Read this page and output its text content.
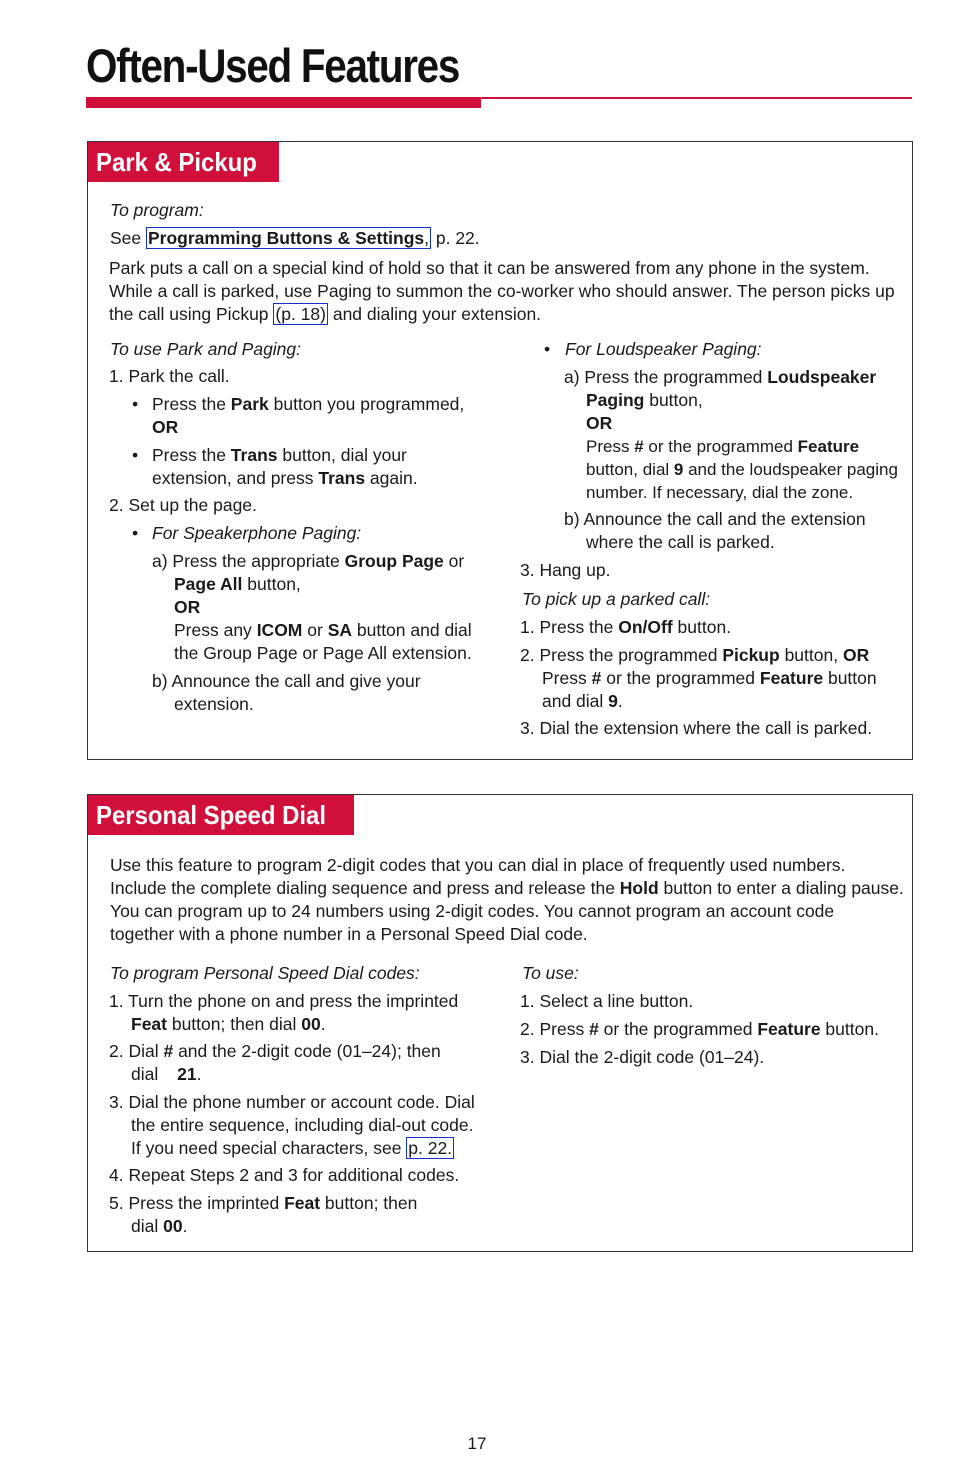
Often-Used Features
Park & Pickup
To program:
See Programming Buttons & Settings, p. 22.
Park puts a call on a special kind of hold so that it can be answered from any phone in the system.
While a call is parked, use Paging to summon the co-worker who should answer. The person picks up
the call using Pickup (p. 18) and dialing your extension.
To use Park and Paging:
1. Park the call.
• Press the Park button you programmed,
OR
• Press the Trans button, dial your
extension, and press Trans again.
2. Set up the page.
• For Speakerphone Paging:
a) Press the appropriate Group Page or
Page All button,
OR
Press any ICOM or SA button and dial
the Group Page or Page All extension.
b) Announce the call and give your
extension.
• For Loudspeaker Paging:
a) Press the programmed Loudspeaker
Paging button,
OR
Press # or the programmed Feature
button, dial 9 and the loudspeaker paging
number. If necessary, dial the zone.
b) Announce the call and the extension
where the call is parked.
3. Hang up.
To pick up a parked call:
1. Press the On/Off button.
2. Press the programmed Pickup button, OR
Press # or the programmed Feature button
and dial 9.
3. Dial the extension where the call is parked.
Personal Speed Dial
Use this feature to program 2-digit codes that you can dial in place of frequently used numbers.
Include the complete dialing sequence and press and release the Hold button to enter a dialing pause.
You can program up to 24 numbers using 2-digit codes. You cannot program an account code
together with a phone number in a Personal Speed Dial code.
To program Personal Speed Dial codes:
1. Turn the phone on and press the imprinted
Feat button; then dial 00.
2. Dial # and the 2-digit code (01–24); then
dial 21.
3. Dial the phone number or account code. Dial
the entire sequence, including dial-out code.
If you need special characters, see p. 22.
4. Repeat Steps 2 and 3 for additional codes.
5. Press the imprinted Feat button; then
dial 00.
To use:
1. Select a line button.
2. Press # or the programmed Feature button.
3. Dial the 2-digit code (01–24).
17
